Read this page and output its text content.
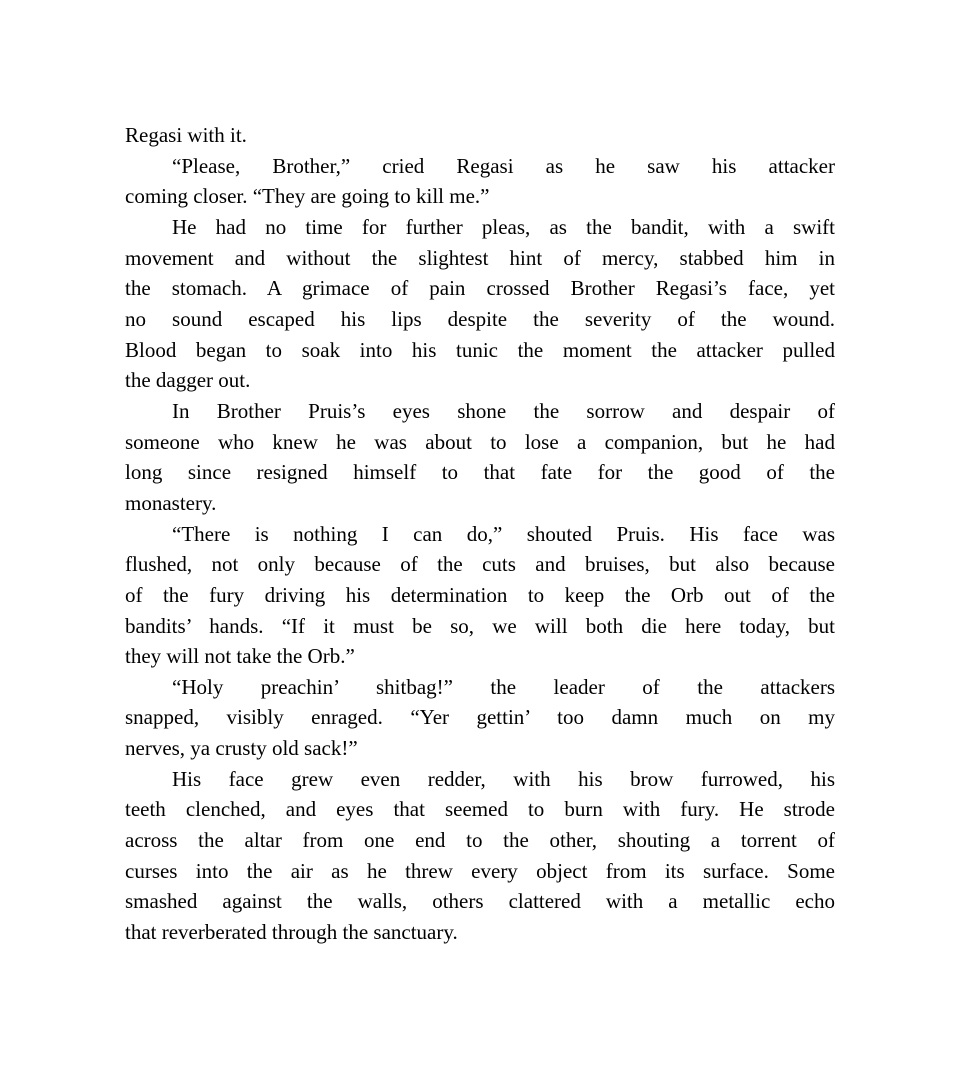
Regasi with it.
“Please, Brother,” cried Regasi as he saw his attacker
coming closer. “They are going to kill me.”
He had no time for further pleas, as the bandit, with a swift
movement and without the slightest hint of mercy, stabbed him in
the stomach. A grimace of pain crossed Brother Regasi’s face, yet
no sound escaped his lips despite the severity of the wound.
Blood began to soak into his tunic the moment the attacker pulled
the dagger out.
In Brother Pruis’s eyes shone the sorrow and despair of
someone who knew he was about to lose a companion, but he had
long since resigned himself to that fate for the good of the
monastery.
“There is nothing I can do,” shouted Pruis. His face was
flushed, not only because of the cuts and bruises, but also because
of the fury driving his determination to keep the Orb out of the
bandits’ hands. “If it must be so, we will both die here today, but
they will not take the Orb.”
“Holy preachin’ shitbag!” the leader of the attackers
snapped, visibly enraged. “Yer gettin’ too damn much on my
nerves, ya crusty old sack!”
His face grew even redder, with his brow furrowed, his
teeth clenched, and eyes that seemed to burn with fury. He strode
across the altar from one end to the other, shouting a torrent of
curses into the air as he threw every object from its surface. Some
smashed against the walls, others clattered with a metallic echo
that reverberated through the sanctuary.
